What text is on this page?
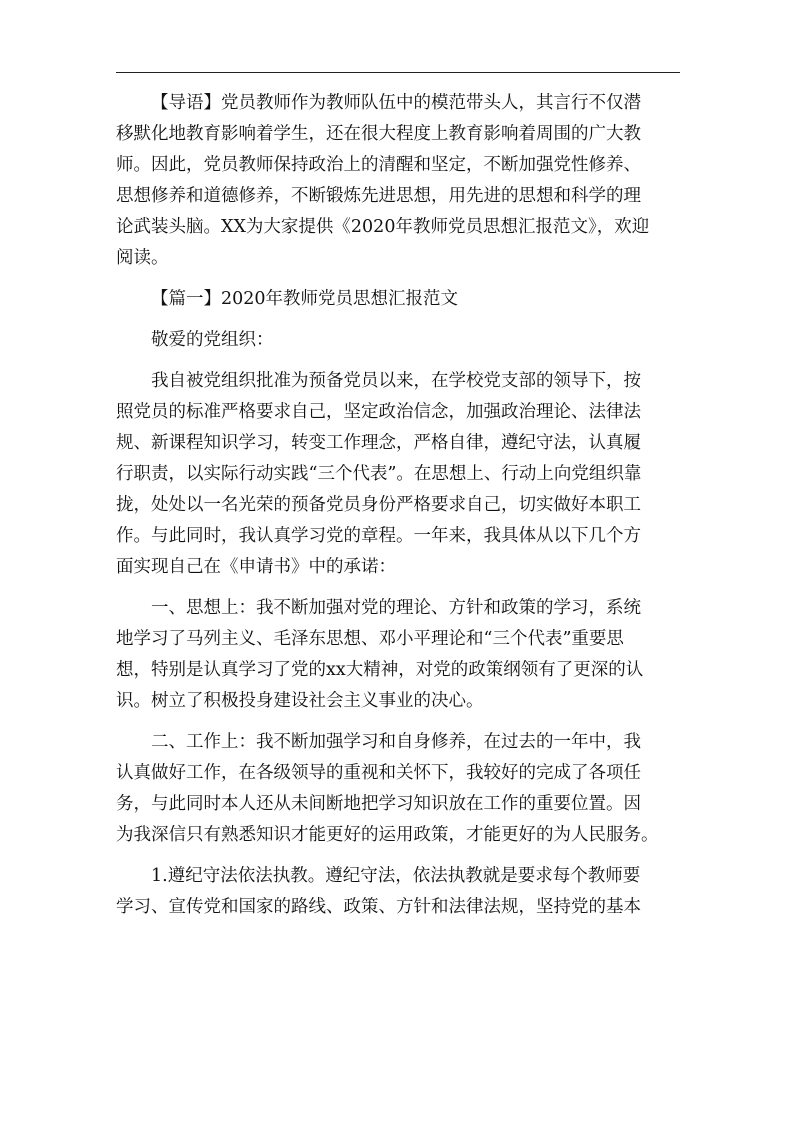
【导语】党员教师作为教师队伍中的模范带头人，其言行不仅潜

移默化地教育影响着学生，还在很大程度上教育影响着周围的广大教

师。因此，党员教师保持政治上的清醒和坚定，不断加强党性修养、

思想修养和道德修养，不断锻炼先进思想，用先进的思想和科学的理

论武装头脑。XX为大家提供《2020年教师党员思想汇报范文》，欢迎

阅读。

【篇一】2020年教师党员思想汇报范文

敬爱的党组织：

我自被党组织批准为预备党员以来，在学校党支部的领导下，按

照党员的标准严格要求自己，坚定政治信念，加强政治理论、法律法

规、新课程知识学习，转变工作理念，严格自律，遵纪守法，认真履

行职责，以实际行动实践“三个代表”。在思想上、行动上向党组织靠

拢，处处以一名光荣的预备党员身份严格要求自己，切实做好本职工

作。与此同时，我认真学习党的章程。一年来，我具体从以下几个方

面实现自己在《申请书》中的承诺：

一、思想上：我不断加强对党的理论、方针和政策的学习，系统

地学习了马列主义、毛泽东思想、邓小平理论和“三个代表”重要思

想，特别是认真学习了党的xx大精神，对党的政策纲领有了更深的认

识。树立了积极投身建设社会主义事业的决心。

二、工作上：我不断加强学习和自身修养，在过去的一年中，我

认真做好工作，在各级领导的重视和关怀下，我较好的完成了各项任

务，与此同时本人还从未间断地把学习知识放在工作的重要位置。因

为我深信只有熟悉知识才能更好的运用政策，才能更好的为人民服务。

1.遵纪守法依法执教。遵纪守法，依法执教就是要求每个教师要

学习、宣传党和国家的路线、政策、方针和法律法规，坚持党的基本
